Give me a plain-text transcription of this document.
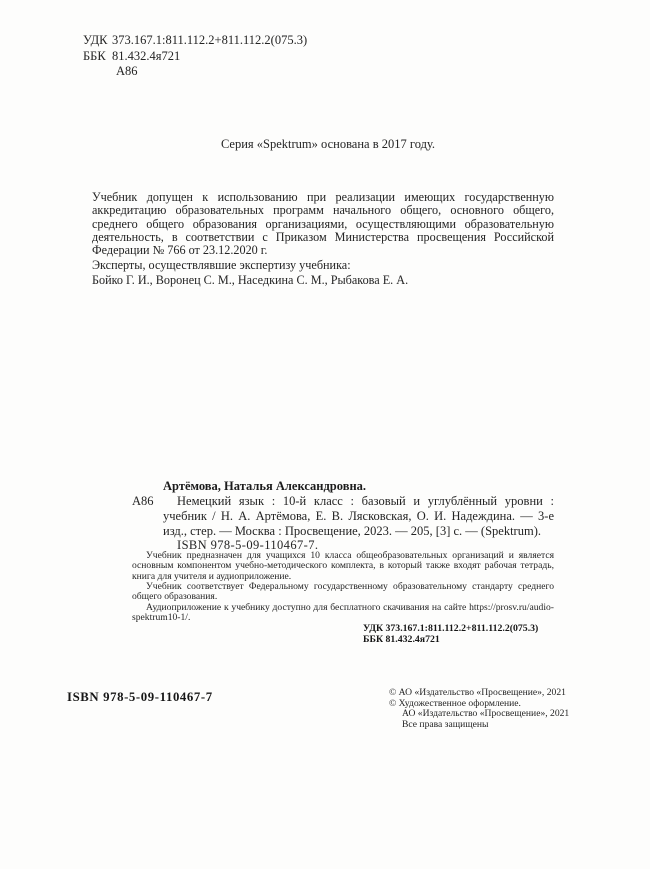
УДК 373.167.1:811.112.2+811.112.2(075.3)
ББК 81.432.4я721
А86
Серия «Spektrum» основана в 2017 году.

Учебник допущен к использованию при реализации имеющих государственную аккредитацию образовательных программ начального общего, основного общего, среднего общего образования организациями, осуществляющими образовательную деятельность, в соответствии с Приказом Министерства просвещения Российской Федерации № 766 от 23.12.2020 г.

Эксперты, осуществлявшие экспертизу учебника:
Бойко Г. И., Воронец С. М., Наседкина С. М., Рыбакова Е. А.
Артёмова, Наталья Александровна.
А86	Немецкий язык : 10-й класс : базовый и углублённый уровни : учебник / Н. А. Артёмова, Е. В. Лясковская, О. И. Надеждина. — 3-е изд., стер. — Москва : Просвещение, 2023. — 205, [3] с. — (Spektrum).

ISBN 978-5-09-110467-7.

Учебник предназначен для учащихся 10 класса общеобразовательных организаций и является основным компонентом учебно-методического комплекта, в который также входят рабочая тетрадь, книга для учителя и аудиоприложение.

Учебник соответствует Федеральному государственному образовательному стандарту среднего общего образования.

Аудиоприложение к учебнику доступно для бесплатного скачивания на сайте https://prosv.ru/audio-spektrum10-1/.

УДК 373.167.1:811.112.2+811.112.2(075.3)
ББК 81.432.4я721
ISBN 978-5-09-110467-7	© АО «Издательство «Просвещение», 2021
© Художественное оформление.
АО «Издательство «Просвещение», 2021
Все права защищены
